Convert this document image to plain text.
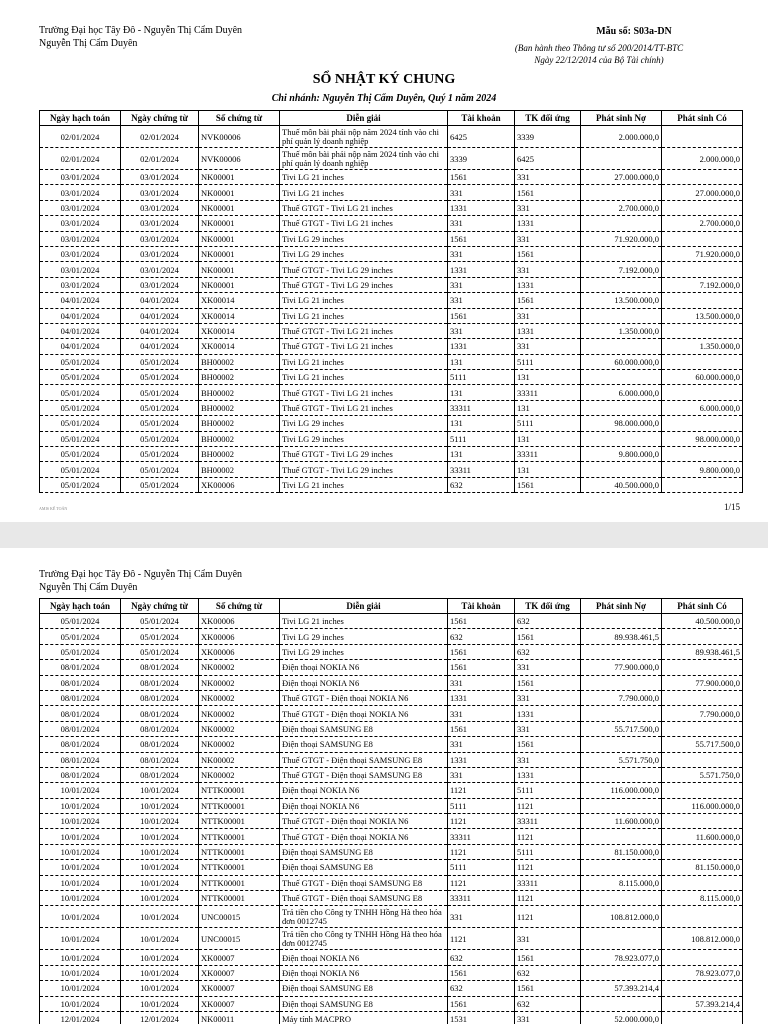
Trường Đại học Tây Đô - Nguyễn Thị Cẩm Duyên
Nguyễn Thị Cẩm Duyên
Mẫu số: S03a-DN
(Ban hành theo Thông tư số 200/2014/TT-BTC
Ngày 22/12/2014 của Bộ Tài chính)
SỔ NHẬT KÝ CHUNG
Chi nhánh: Nguyễn Thị Cẩm Duyên, Quý 1 năm 2024
Ngày hạch toán	Ngày chứng từ	Số chứng từ	Diễn giải	Tài khoản	TK đối ứng	Phát sinh Nợ	Phát sinh Có
02/01/2024	02/01/2024	NVK00006	Thuế môn bài phải nộp năm 2024 tính vào chi phí quản lý doanh nghiệp	6425	3339	2.000.000,0	
02/01/2024	02/01/2024	NVK00006	Thuế môn bài phải nộp năm 2024 tính vào chi phí quản lý doanh nghiệp	3339	6425		2.000.000,0
03/01/2024	03/01/2024	NK00001	Tivi LG 21 inches	1561	331	27.000.000,0	
03/01/2024	03/01/2024	NK00001	Tivi LG 21 inches	331	1561		27.000.000,0
03/01/2024	03/01/2024	NK00001	Thuế GTGT - Tivi LG 21 inches	1331	331	2.700.000,0	
03/01/2024	03/01/2024	NK00001	Thuế GTGT - Tivi LG 21 inches	331	1331		2.700.000,0
03/01/2024	03/01/2024	NK00001	Tivi LG 29 inches	1561	331	71.920.000,0	
03/01/2024	03/01/2024	NK00001	Tivi LG 29 inches	331	1561		71.920.000,0
03/01/2024	03/01/2024	NK00001	Thuế GTGT - Tivi LG 29 inches	1331	331	7.192.000,0	
03/01/2024	03/01/2024	NK00001	Thuế GTGT - Tivi LG 29 inches	331	1331		7.192.000,0
04/01/2024	04/01/2024	XK00014	Tivi LG 21 inches	331	1561	13.500.000,0	
04/01/2024	04/01/2024	XK00014	Tivi LG 21 inches	1561	331		13.500.000,0
04/01/2024	04/01/2024	XK00014	Thuế GTGT - Tivi LG 21 inches	331	1331	1.350.000,0	
04/01/2024	04/01/2024	XK00014	Thuế GTGT - Tivi LG 21 inches	1331	331		1.350.000,0
05/01/2024	05/01/2024	BH00002	Tivi LG 21 inches	131	5111	60.000.000,0	
05/01/2024	05/01/2024	BH00002	Tivi LG 21 inches	5111	131		60.000.000,0
05/01/2024	05/01/2024	BH00002	Thuế GTGT - Tivi LG 21 inches	131	33311	6.000.000,0	
05/01/2024	05/01/2024	BH00002	Thuế GTGT - Tivi LG 21 inches	33311	131		6.000.000,0
05/01/2024	05/01/2024	BH00002	Tivi LG 29 inches	131	5111	98.000.000,0	
05/01/2024	05/01/2024	BH00002	Tivi LG 29 inches	5111	131		98.000.000,0
05/01/2024	05/01/2024	BH00002	Thuế GTGT - Tivi LG 29 inches	131	33311	9.800.000,0	
05/01/2024	05/01/2024	BH00002	Thuế GTGT - Tivi LG 29 inches	33311	131		9.800.000,0
05/01/2024	05/01/2024	XK00006	Tivi LG 21 inches	632	1561	40.500.000,0	
AMIS KẾ TOÁN	1/15
Trường Đại học Tây Đô - Nguyễn Thị Cẩm Duyên
Nguyễn Thị Cẩm Duyên
Ngày hạch toán	Ngày chứng từ	Số chứng từ	Diễn giải	Tài khoản	TK đối ứng	Phát sinh Nợ	Phát sinh Có
05/01/2024	05/01/2024	XK00006	Tivi LG 21 inches	1561	632		40.500.000,0
05/01/2024	05/01/2024	XK00006	Tivi LG 29 inches	632	1561	89.938.461,5	
05/01/2024	05/01/2024	XK00006	Tivi LG 29 inches	1561	632		89.938.461,5
08/01/2024	08/01/2024	NK00002	Điện thoại NOKIA N6	1561	331	77.900.000,0	
08/01/2024	08/01/2024	NK00002	Điện thoại NOKIA N6	331	1561		77.900.000,0
08/01/2024	08/01/2024	NK00002	Thuế GTGT - Điện thoại NOKIA N6	1331	331	7.790.000,0	
08/01/2024	08/01/2024	NK00002	Thuế GTGT - Điện thoại NOKIA N6	331	1331		7.790.000,0
08/01/2024	08/01/2024	NK00002	Điện thoại SAMSUNG E8	1561	331	55.717.500,0	
08/01/2024	08/01/2024	NK00002	Điện thoại SAMSUNG E8	331	1561		55.717.500,0
08/01/2024	08/01/2024	NK00002	Thuế GTGT - Điện thoại SAMSUNG E8	1331	331	5.571.750,0	
08/01/2024	08/01/2024	NK00002	Thuế GTGT - Điện thoại SAMSUNG E8	331	1331		5.571.750,0
10/01/2024	10/01/2024	NTTK00001	Điện thoại NOKIA N6	1121	5111	116.000.000,0	
10/01/2024	10/01/2024	NTTK00001	Điện thoại NOKIA N6	5111	1121		116.000.000,0
10/01/2024	10/01/2024	NTTK00001	Thuế GTGT - Điện thoại NOKIA N6	1121	33311	11.600.000,0	
10/01/2024	10/01/2024	NTTK00001	Thuế GTGT - Điện thoại NOKIA N6	33311	1121		11.600.000,0
10/01/2024	10/01/2024	NTTK00001	Điện thoại SAMSUNG E8	1121	5111	81.150.000,0	
10/01/2024	10/01/2024	NTTK00001	Điện thoại SAMSUNG E8	5111	1121		81.150.000,0
10/01/2024	10/01/2024	NTTK00001	Thuế GTGT - Điện thoại SAMSUNG E8	1121	33311	8.115.000,0	
10/01/2024	10/01/2024	NTTK00001	Thuế GTGT - Điện thoại SAMSUNG E8	33311	1121		8.115.000,0
10/01/2024	10/01/2024	UNC00015	Trả tiền cho Công ty TNHH Hồng Hà theo hóa đơn 0012745	331	1121	108.812.000,0	
10/01/2024	10/01/2024	UNC00015	Trả tiền cho Công ty TNHH Hồng Hà theo hóa đơn 0012745	1121	331		108.812.000,0
10/01/2024	10/01/2024	XK00007	Điện thoại NOKIA N6	632	1561	78.923.077,0	
10/01/2024	10/01/2024	XK00007	Điện thoại NOKIA N6	1561	632		78.923.077,0
10/01/2024	10/01/2024	XK00007	Điện thoại SAMSUNG E8	632	1561	57.393.214,4	
10/01/2024	10/01/2024	XK00007	Điện thoại SAMSUNG E8	1561	632		57.393.214,4
12/01/2024	12/01/2024	NK00011	Máy tính MACPRO	1531	331	52.000.000,0	
